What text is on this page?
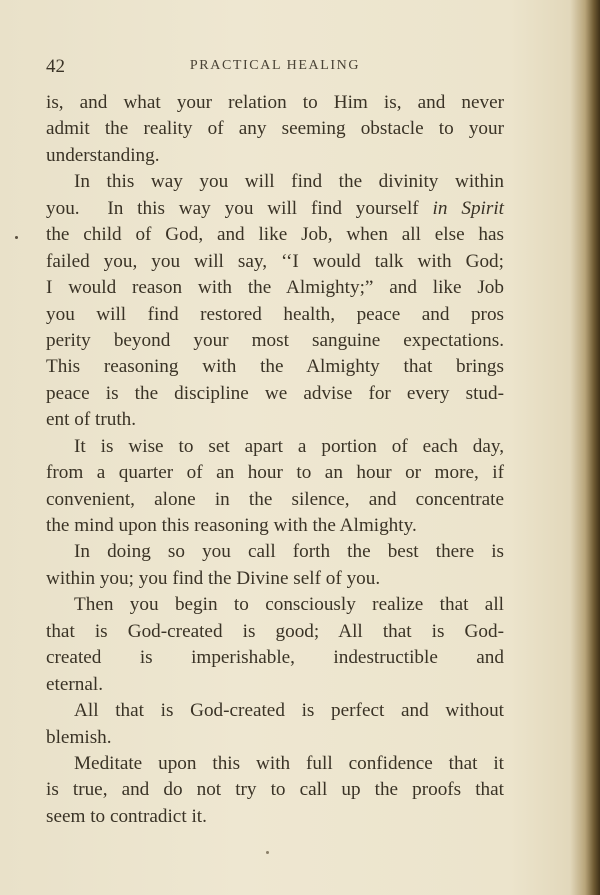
42	PRACTICAL HEALING
is, and what your relation to Him is, and never
admit the reality of any seeming obstacle to your
understanding.
In this way you will find the divinity within
you.  In this way you will find yourself in Spirit
the child of God, and like Job, when all else has
failed you, you will say, ‘‘I would talk with God;
I would reason with the Almighty;” and like Job
you will find restored health, peace and pros
perity beyond your most sanguine expectations.
This reasoning with the Almighty that brings
peace is the discipline we advise for every stud-
ent of truth.
It is wise to set apart a portion of each day,
from a quarter of an hour to an hour or more, if
convenient, alone in the silence, and concentrate
the mind upon this reasoning with the Almighty.
In doing so you call forth the best there is
within you; you find the Divine self of you.
Then you begin to consciously realize that all
that is God-created is good; All that is God-
created is imperishable, indestructible and
eternal.
All that is God-created is perfect and without
blemish.
Meditate upon this with full confidence that it
is true, and do not try to call up the proofs that
seem to contradict it.
